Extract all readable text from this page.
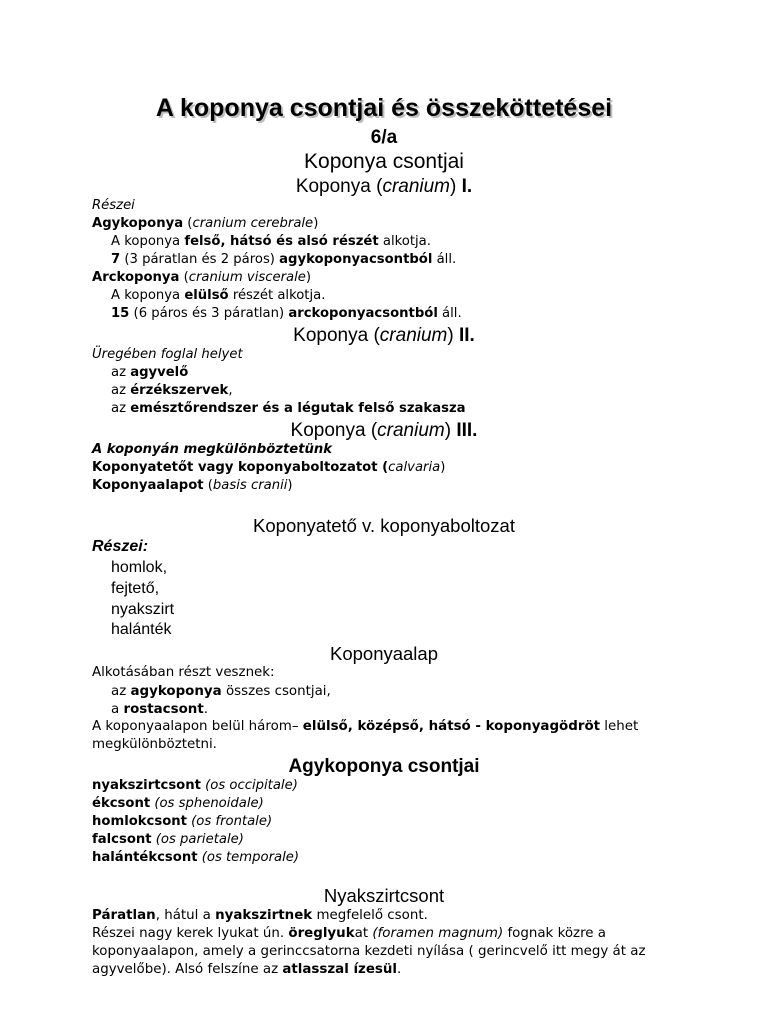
A koponya csontjai és összeköttetései
6/a
Koponya csontjai
Koponya (cranium) I.
Részei
Agykoponya (cranium cerebrale)
A koponya felső, hátsó és alsó részét alkotja.
7 (3 páratlan és 2 páros) agykoponyacsontból áll.
Arckoponya (cranium viscerale)
A koponya elülső részét alkotja.
15 (6 páros és 3 páratlan) arckoponyacsontból áll.
Koponya (cranium) II.
Üregében foglal helyet
az agyvelő
az érzékszervek,
az emésztőrendszer és a légutak felső szakasza
Koponya (cranium) III.
A koponyán megkülönböztetünk
Koponyatetőt vagy koponyaboltozatot (calvaria)
Koponyaalapot (basis cranii)
Koponyatető v. koponyaboltozat
Részei:
homlok,
fejtető,
nyakszirt
halánték
Koponyaalap
Alkotásában részt vesznek:
az agykoponya összes csontjai,
a rostacsont.
A koponyaalapon belül három– elülső, középső, hátsó - koponyagödröt lehet
megkülönböztetni.
Agykoponya csontjai
nyakszirtcsont (os occipitale)
ékcsont (os sphenoidale)
homlokcsont (os frontale)
falcsont (os parietale)
halántékcsont (os temporale)
Nyakszirtcsont
Páratlan, hátul a nyakszirtnek megfelelő csont.
Részei nagy kerek lyukat ún. öreglyukat (foramen magnum) fognak közre a
koponyaalapon, amely a gerinccsatorna kezdeti nyílása ( gerincvelő itt megy át az
agyvelőbe). Alsó felszíne az atlasszal ízesül.
